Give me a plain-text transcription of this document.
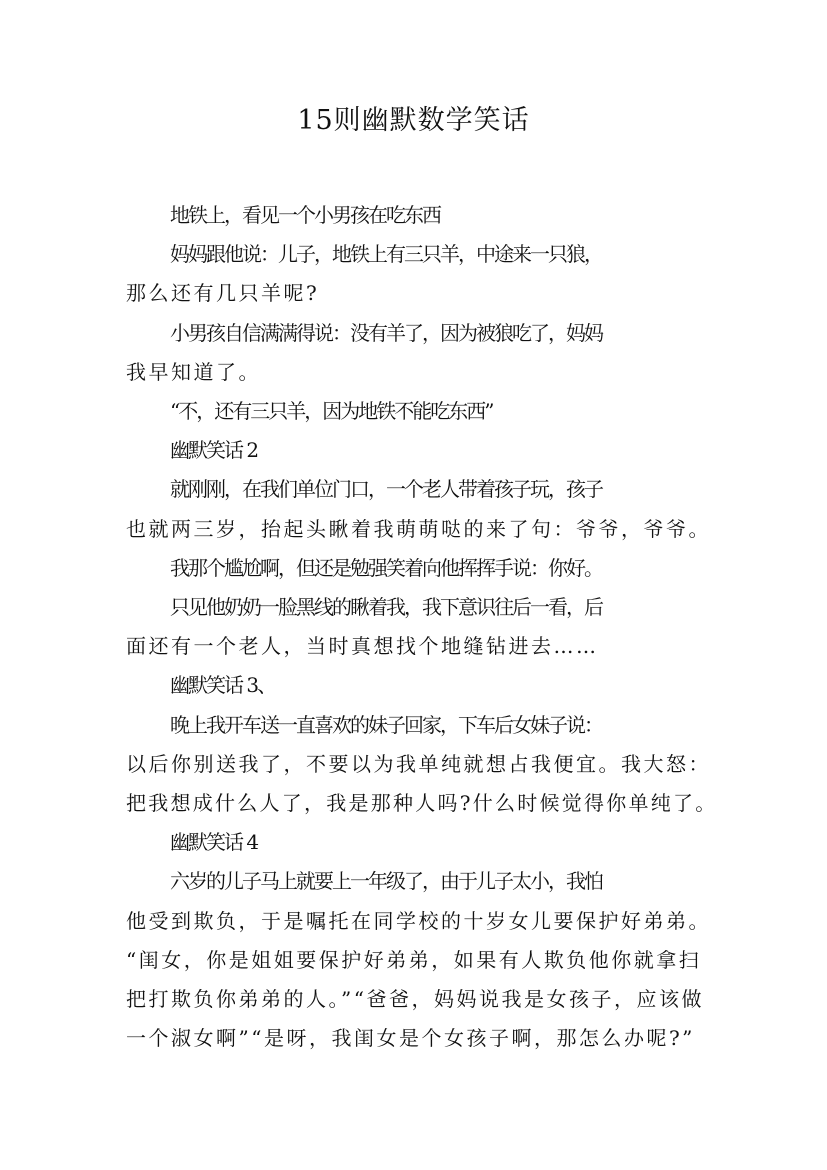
15则幽默数学笑话

地铁上，看见一个小男孩在吃东西

妈妈跟他说：儿子，地铁上有三只羊，中途来一只狼，
那么还有几只羊呢?

小男孩自信满满得说：没有羊了，因为被狼吃了，妈妈
我早知道了。

“不，还有三只羊，因为地铁不能吃东西”

幽默笑话 2

就刚刚，在我们单位门口，一个老人带着孩子玩，孩子
也就两三岁，抬起头瞅着我萌萌哒的来了句：爷爷，爷爷。

我那个尴尬啊，但还是勉强笑着向他挥挥手说：你好。

只见他奶奶一脸黑线的瞅着我，我下意识往后一看，后
面还有一个老人，当时真想找个地缝钻进去……

幽默笑话 3、

晚上我开车送一直喜欢的妹子回家，下车后女妹子说：
以后你别送我了，不要以为我单纯就想占我便宜。我大怒：
把我想成什么人了，我是那种人吗?什么时候觉得你单纯了。

幽默笑话 4

六岁的儿子马上就要上一年级了，由于儿子太小，我怕
他受到欺负，于是嘱托在同学校的十岁女儿要保护好弟弟。
“闺女，你是姐姐要保护好弟弟，如果有人欺负他你就拿扫
把打欺负你弟弟的人。”“爸爸，妈妈说我是女孩子，应该做
一个淑女啊”“是呀，我闺女是个女孩子啊，那怎么办呢?”
